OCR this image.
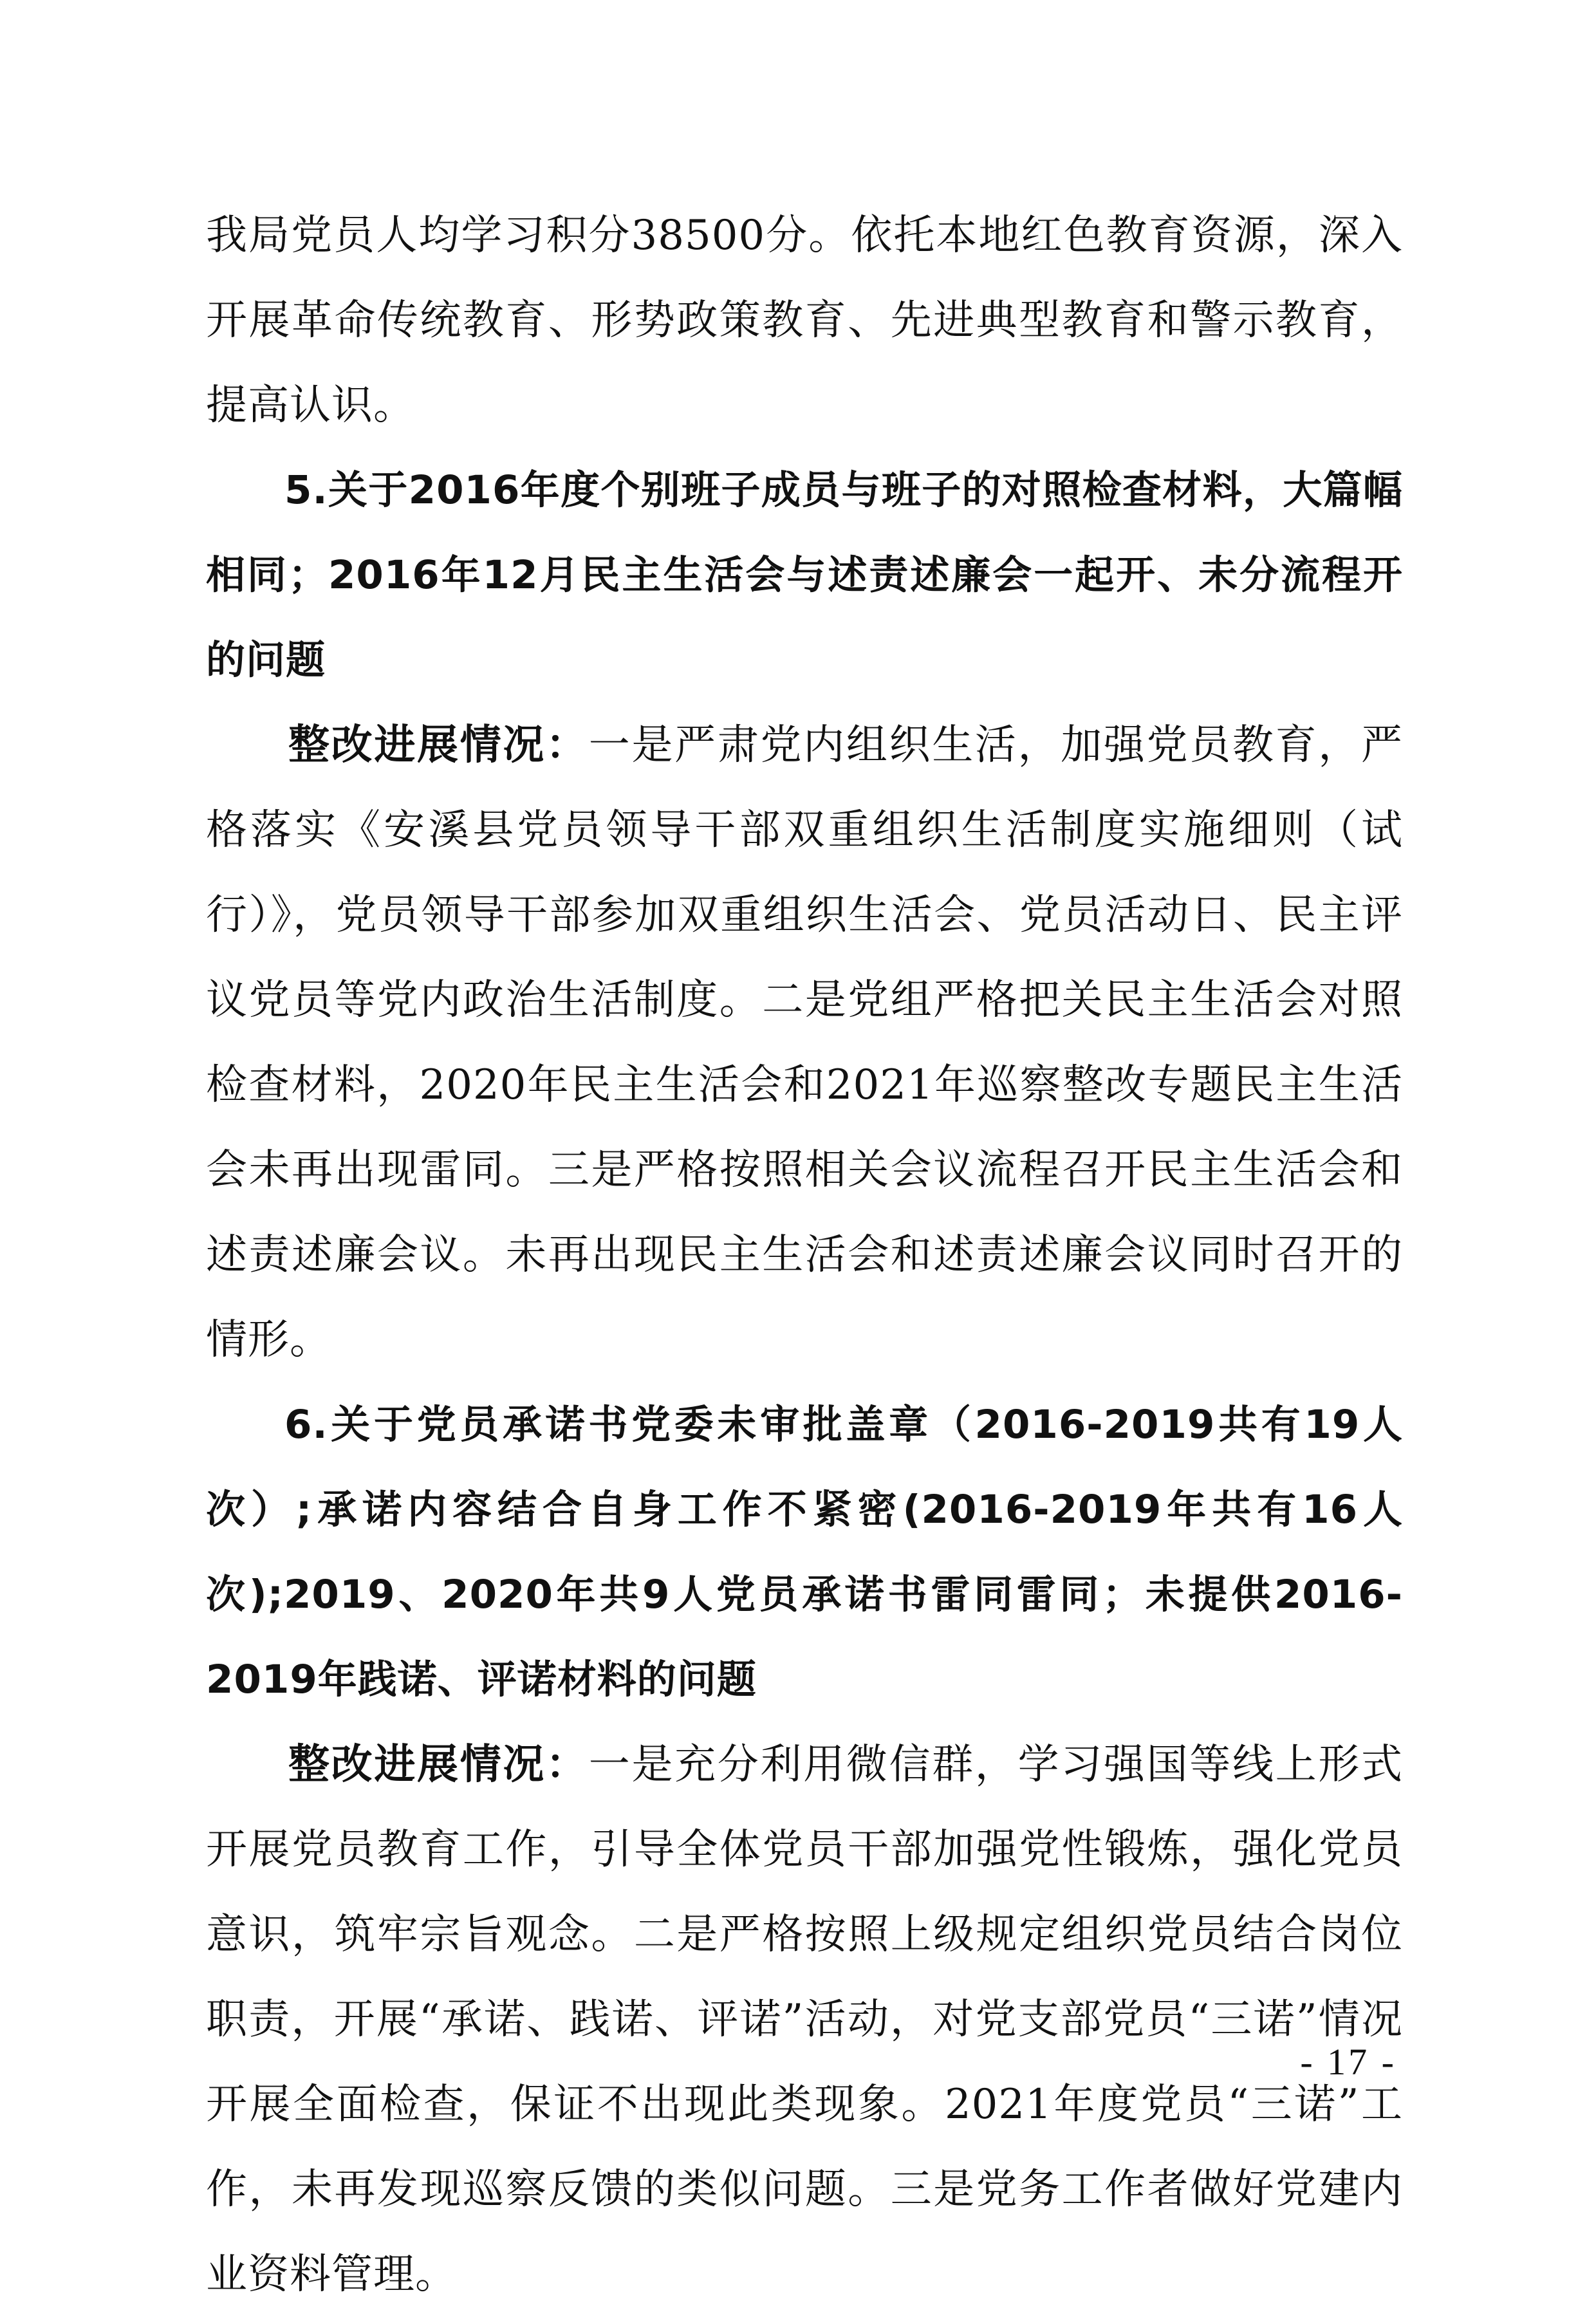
我局党员人均学习积分38500分。依托本地红色教育资源，深入开展革命传统教育、形势政策教育、先进典型教育和警示教育，提高认识。

5.关于2016年度个别班子成员与班子的对照检查材料，大篇幅相同；2016年12月民主生活会与述责述廉会一起开、未分流程开的问题

整改进展情况：一是严肃党内组织生活，加强党员教育，严格落实《安溪县党员领导干部双重组织生活制度实施细则（试行）》，党员领导干部参加双重组织生活会、党员活动日、民主评议党员等党内政治生活制度。二是党组严格把关民主生活会对照检查材料，2020年民主生活会和2021年巡察整改专题民主生活会未再出现雷同。三是严格按照相关会议流程召开民主生活会和述责述廉会议。未再出现民主生活会和述责述廉会议同时召开的情形。

6.关于党员承诺书党委未审批盖章（2016-2019共有19人次）;承诺内容结合自身工作不紧密(2016-2019年共有16人次);2019、2020年共9人党员承诺书雷同雷同；未提供2016-2019年践诺、评诺材料的问题

整改进展情况：一是充分利用微信群，学习强国等线上形式开展党员教育工作，引导全体党员干部加强党性锻炼，强化党员意识，筑牢宗旨观念。二是严格按照上级规定组织党员结合岗位职责，开展“承诺、践诺、评诺”活动，对党支部党员“三诺”情况开展全面检查，保证不出现此类现象。2021年度党员“三诺”工作，未再发现巡察反馈的类似问题。三是党务工作者做好党建内业资料管理。

- 17 -
